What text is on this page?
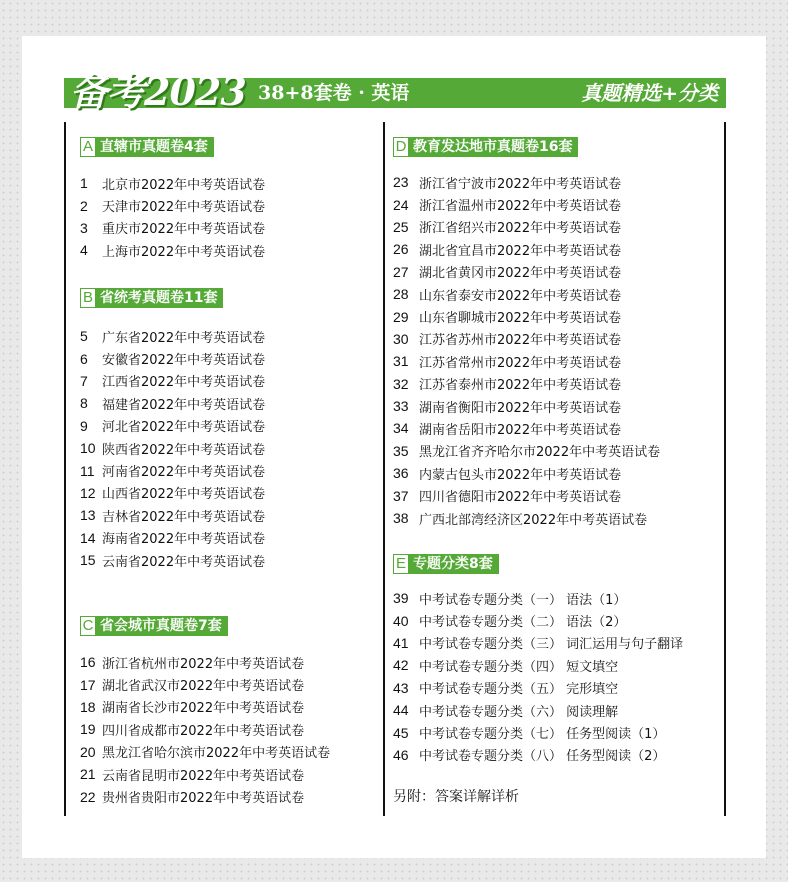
备考2023 38+8套卷 · 英语	真题精选+分类
A 直辖市真题卷4套
1	北京市2022年中考英语试卷
2	天津市2022年中考英语试卷
3	重庆市2022年中考英语试卷
4	上海市2022年中考英语试卷
B 省统考真题卷11套
5	广东省2022年中考英语试卷
6	安徽省2022年中考英语试卷
7	江西省2022年中考英语试卷
8	福建省2022年中考英语试卷
9	河北省2022年中考英语试卷
10 陕西省2022年中考英语试卷
11 河南省2022年中考英语试卷
12 山西省2022年中考英语试卷
13 吉林省2022年中考英语试卷
14 海南省2022年中考英语试卷
15 云南省2022年中考英语试卷
C 省会城市真题卷7套
16 浙江省杭州市2022年中考英语试卷
17 湖北省武汉市2022年中考英语试卷
18 湖南省长沙市2022年中考英语试卷
19 四川省成都市2022年中考英语试卷
20 黑龙江省哈尔滨市2022年中考英语试卷
21 云南省昆明市2022年中考英语试卷
22 贵州省贵阳市2022年中考英语试卷
D 教育发达地市真题卷16套
23 浙江省宁波市2022年中考英语试卷
24 浙江省温州市2022年中考英语试卷
25 浙江省绍兴市2022年中考英语试卷
26 湖北省宜昌市2022年中考英语试卷
27 湖北省黄冈市2022年中考英语试卷
28 山东省泰安市2022年中考英语试卷
29 山东省聊城市2022年中考英语试卷
30 江苏省苏州市2022年中考英语试卷
31 江苏省常州市2022年中考英语试卷
32 江苏省泰州市2022年中考英语试卷
33 湖南省衡阳市2022年中考英语试卷
34 湖南省岳阳市2022年中考英语试卷
35 黑龙江省齐齐哈尔市2022年中考英语试卷
36 内蒙古包头市2022年中考英语试卷
37 四川省德阳市2022年中考英语试卷
38 广西北部湾经济区2022年中考英语试卷
E 专题分类8套
39 中考试卷专题分类（一） 语法（1）
40 中考试卷专题分类（二） 语法（2）
41 中考试卷专题分类（三） 词汇运用与句子翻译
42 中考试卷专题分类（四） 短文填空
43 中考试卷专题分类（五） 完形填空
44 中考试卷专题分类（六） 阅读理解
45 中考试卷专题分类（七） 任务型阅读（1）
46 中考试卷专题分类（八） 任务型阅读（2）
另附：答案详解详析
